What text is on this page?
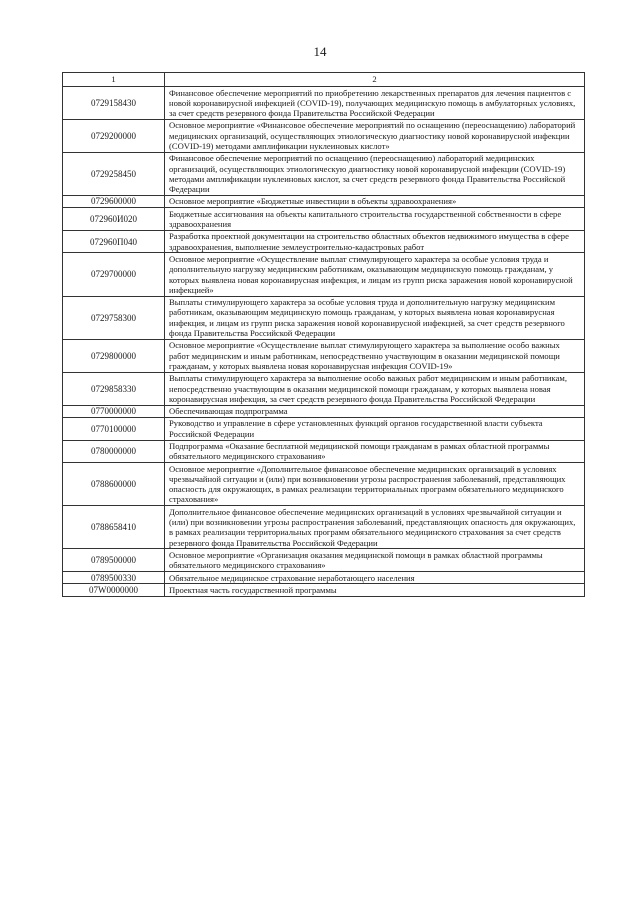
14
1	2
0729158430	Финансовое обеспечение мероприятий по приобретению лекарственных препаратов для лечения пациентов с новой коронавирусной инфекцией (COVID-19), получающих медицинскую помощь в амбулаторных условиях, за счет средств резервного фонда Правительства Российской Федерации
0729200000	Основное мероприятие «Финансовое обеспечение мероприятий по оснащению (переоснащению) лабораторий медицинских организаций, осуществляющих этиологическую диагностику новой коронавирусной инфекции (COVID-19) методами амплификации нуклеиновых кислот»
0729258450	Финансовое обеспечение мероприятий по оснащению (переоснащению) лабораторий медицинских организаций, осуществляющих этиологическую диагностику новой коронавирусной инфекции (COVID-19) методами амплификации нуклеиновых кислот, за счет средств резервного фонда Правительства Российской Федерации
0729600000	Основное мероприятие «Бюджетные инвестиции в объекты здравоохранения»
072960И020	Бюджетные ассигнования на объекты капитального строительства государственной собственности в сфере здравоохранения
072960П040	Разработка проектной документации на строительство областных объектов недвижимого имущества в сфере здравоохранения, выполнение землеустроительно-кадастровых работ
0729700000	Основное мероприятие «Осуществление выплат стимулирующего характера за особые условия труда и дополнительную нагрузку медицинским работникам, оказывающим медицинскую помощь гражданам, у которых выявлена новая коронавирусная инфекция, и лицам из групп риска заражения новой коронавирусной инфекцией»
0729758300	Выплаты стимулирующего характера за особые условия труда и дополнительную нагрузку медицинским работникам, оказывающим медицинскую помощь гражданам, у которых выявлена новая коронавирусная инфекция, и лицам из групп риска заражения новой коронавирусной инфекцией, за счет средств резервного фонда Правительства Российской Федерации
0729800000	Основное мероприятие «Осуществление выплат стимулирующего характера за выполнение особо важных работ медицинским и иным работникам, непосредственно участвующим в оказании медицинской помощи гражданам, у которых выявлена новая коронавирусная инфекция COVID-19»
0729858330	Выплаты стимулирующего характера за выполнение особо важных работ медицинским и иным работникам, непосредственно участвующим в оказании медицинской помощи гражданам, у которых выявлена новая коронавирусная инфекция, за счет средств резервного фонда Правительства Российской Федерации
0770000000	Обеспечивающая подпрограмма
0770100000	Руководство и управление в сфере установленных функций органов государственной власти субъекта Российской Федерации
0780000000	Подпрограмма «Оказание бесплатной медицинской помощи гражданам в рамках областной программы обязательного медицинского страхования»
0788600000	Основное мероприятие «Дополнительное финансовое обеспечение медицинских организаций в условиях чрезвычайной ситуации и (или) при возникновении угрозы распространения заболеваний, представляющих опасность для окружающих, в рамках реализации территориальных программ обязательного медицинского страхования»
0788658410	Дополнительное финансовое обеспечение медицинских организаций в условиях чрезвычайной ситуации и (или) при возникновении угрозы распространения заболеваний, представляющих опасность для окружающих, в рамках реализации территориальных программ обязательного медицинского страхования за счет средств резервного фонда Правительства Российской Федерации
0789500000	Основное мероприятие «Организация оказания медицинской помощи в рамках областной программы обязательного медицинского страхования»
0789500330	Обязательное медицинское страхование неработающего населения
07W0000000	Проектная часть государственной программы
